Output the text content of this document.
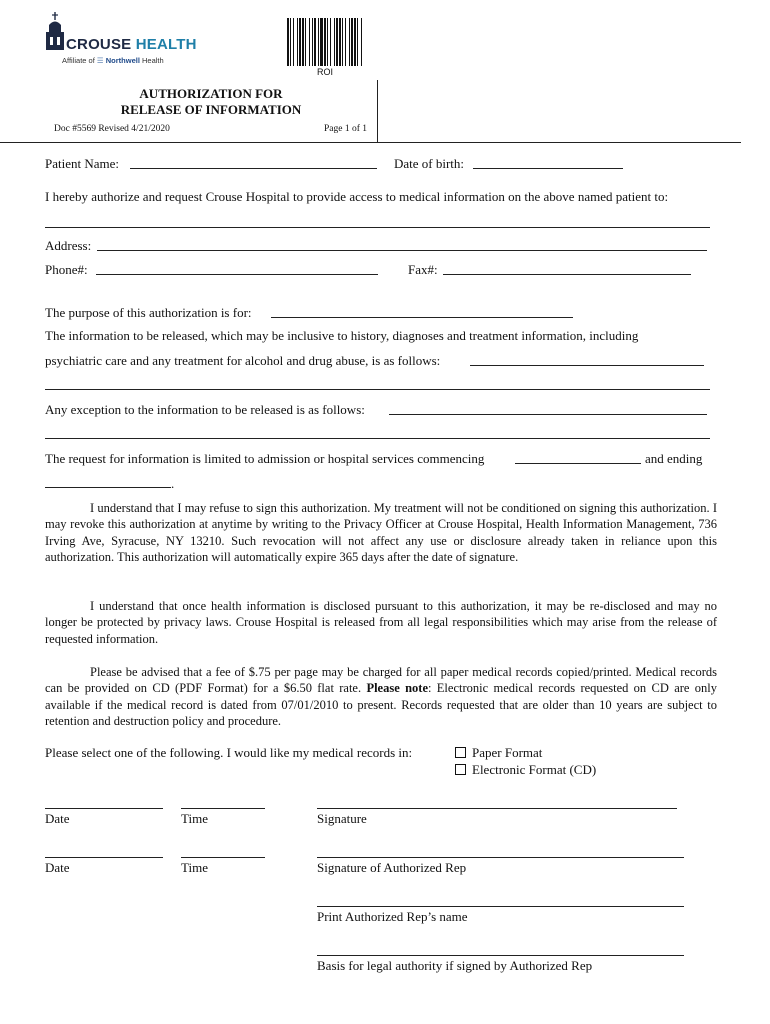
CROUSE HEALTH
Affiliate of ☰ Northwell Health
ROI
AUTHORIZATION FOR
RELEASE OF INFORMATION
Doc #5569 Revised 4/21/2020	Page 1 of 1
Patient Name:	Date of birth:
I hereby authorize and request Crouse Hospital to provide access to medical information on the above named patient to:
Address:
Phone#:	Fax#:
The purpose of this authorization is for:
The information to be released, which may be inclusive to history, diagnoses and treatment information, including
psychiatric care and any treatment for alcohol and drug abuse, is as follows:
Any exception to the information to be released is as follows:
The request for information is limited to admission or hospital services commencing	and ending
.
I understand that I may refuse to sign this authorization. My treatment will not be conditioned on signing this authorization. I may revoke this authorization at anytime by writing to the Privacy Officer at Crouse Hospital, Health Information Management, 736 Irving Ave, Syracuse, NY 13210. Such revocation will not affect any use or disclosure already taken in reliance upon this authorization. This authorization will automatically expire 365 days after the date of signature.
I understand that once health information is disclosed pursuant to this authorization, it may be re-disclosed and may no longer be protected by privacy laws. Crouse Hospital is released from all legal responsibilities which may arise from the release of requested information.
Please be advised that a fee of $.75 per page may be charged for all paper medical records copied/printed. Medical records can be provided on CD (PDF Format) for a $6.50 flat rate. Please note: Electronic medical records requested on CD are only available if the medical record is dated from 07/01/2010 to present. Records requested that are older than 10 years are subject to retention and destruction policy and procedure.
Please select one of the following. I would like my medical records in:	Paper Format
Electronic Format (CD)
Date	Time	Signature
Date	Time	Signature of Authorized Rep
Print Authorized Rep’s name
Basis for legal authority if signed by Authorized Rep
